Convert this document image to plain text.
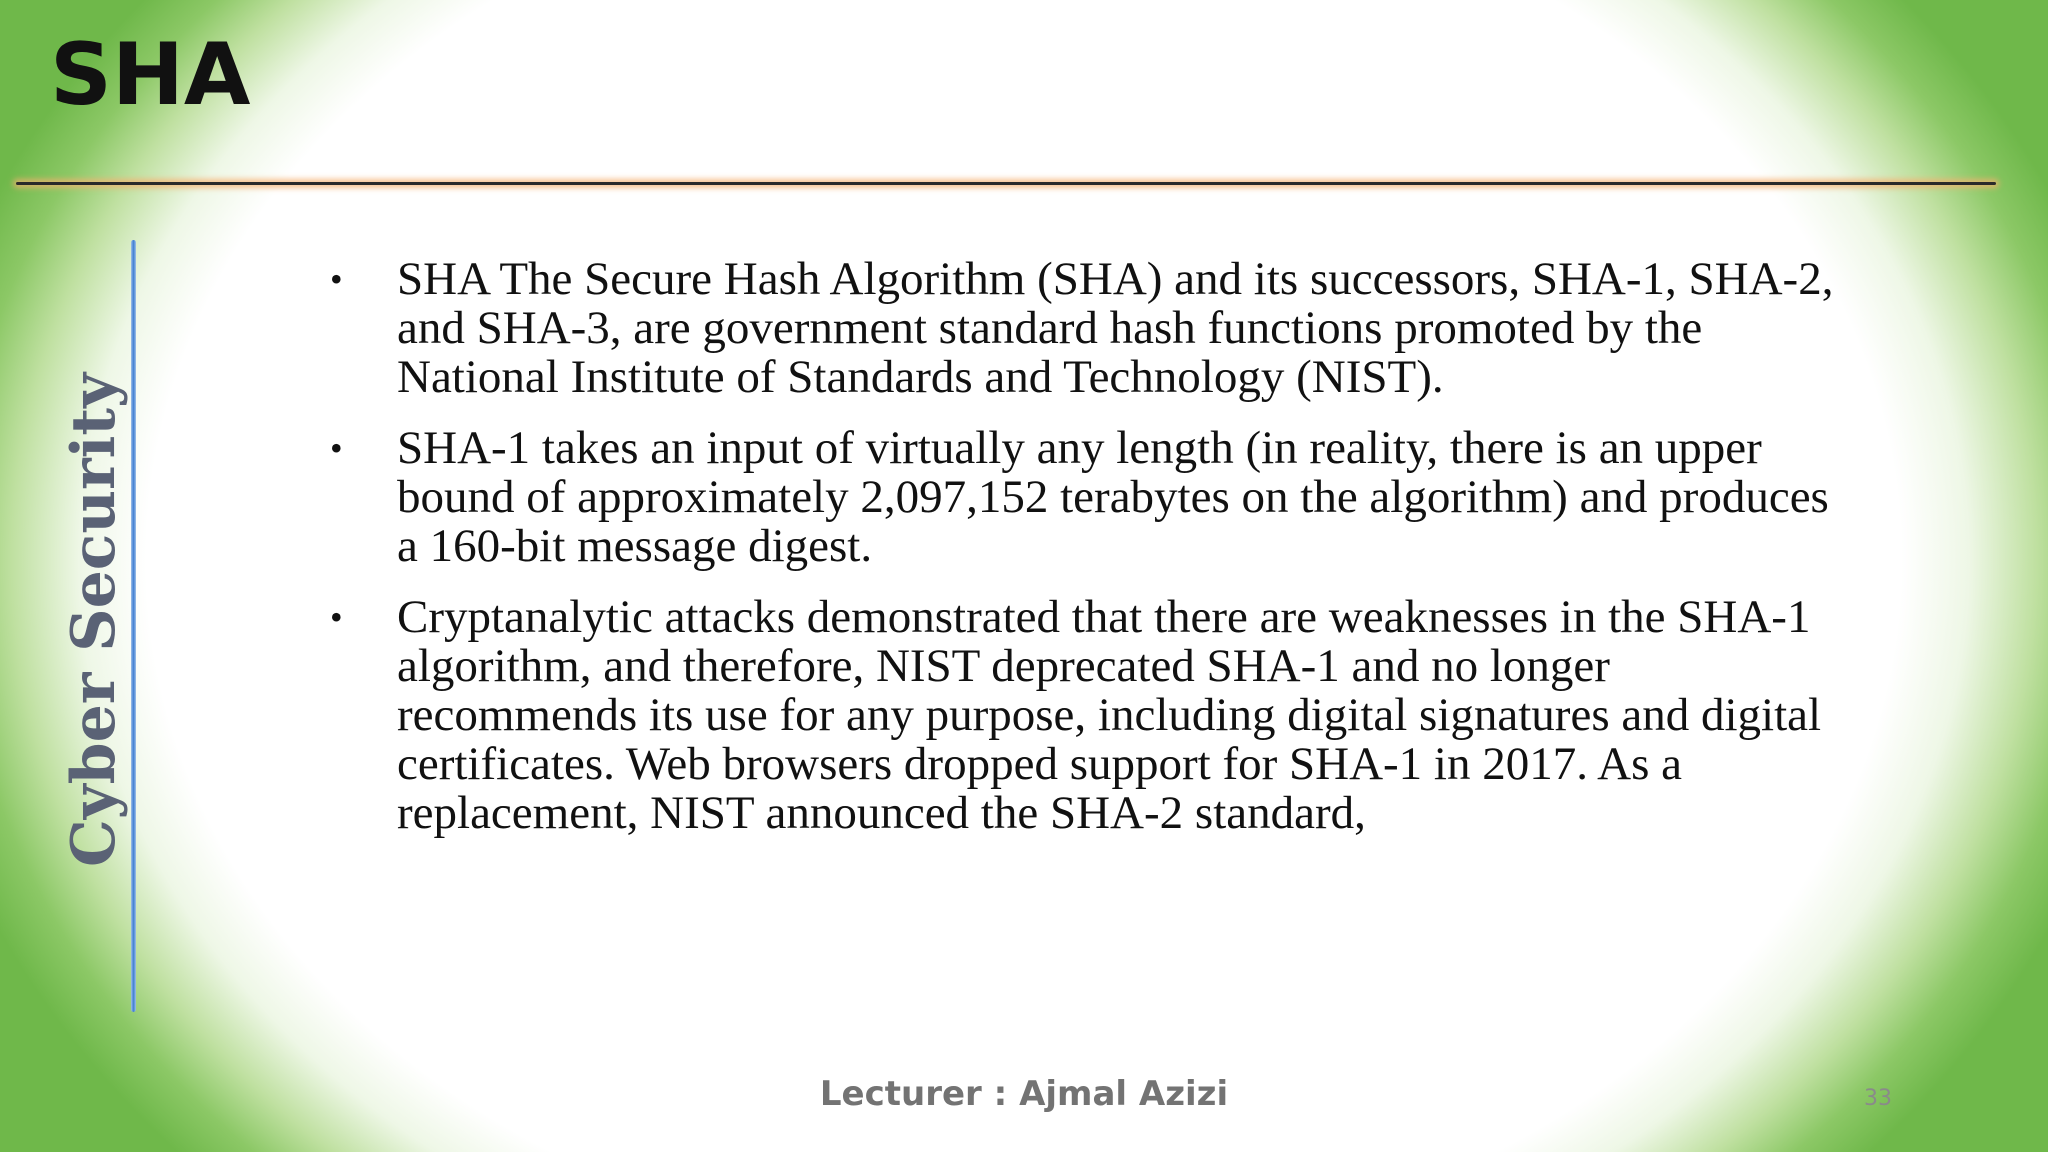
SHA
Cyber Security
• SHA The Secure Hash Algorithm (SHA) and its successors, SHA-1, SHA-2, and SHA-3, are government standard hash functions promoted by the National Institute of Standards and Technology (NIST).
• SHA-1 takes an input of virtually any length (in reality, there is an upper bound of approximately 2,097,152 terabytes on the algorithm) and produces a 160-bit message digest.
• Cryptanalytic attacks demonstrated that there are weaknesses in the SHA-1 algorithm, and therefore, NIST deprecated SHA-1 and no longer recommends its use for any purpose, including digital signatures and digital certificates. Web browsers dropped support for SHA-1 in 2017. As a replacement, NIST announced the SHA-2 standard,
Lecturer : Ajmal Azizi	33
